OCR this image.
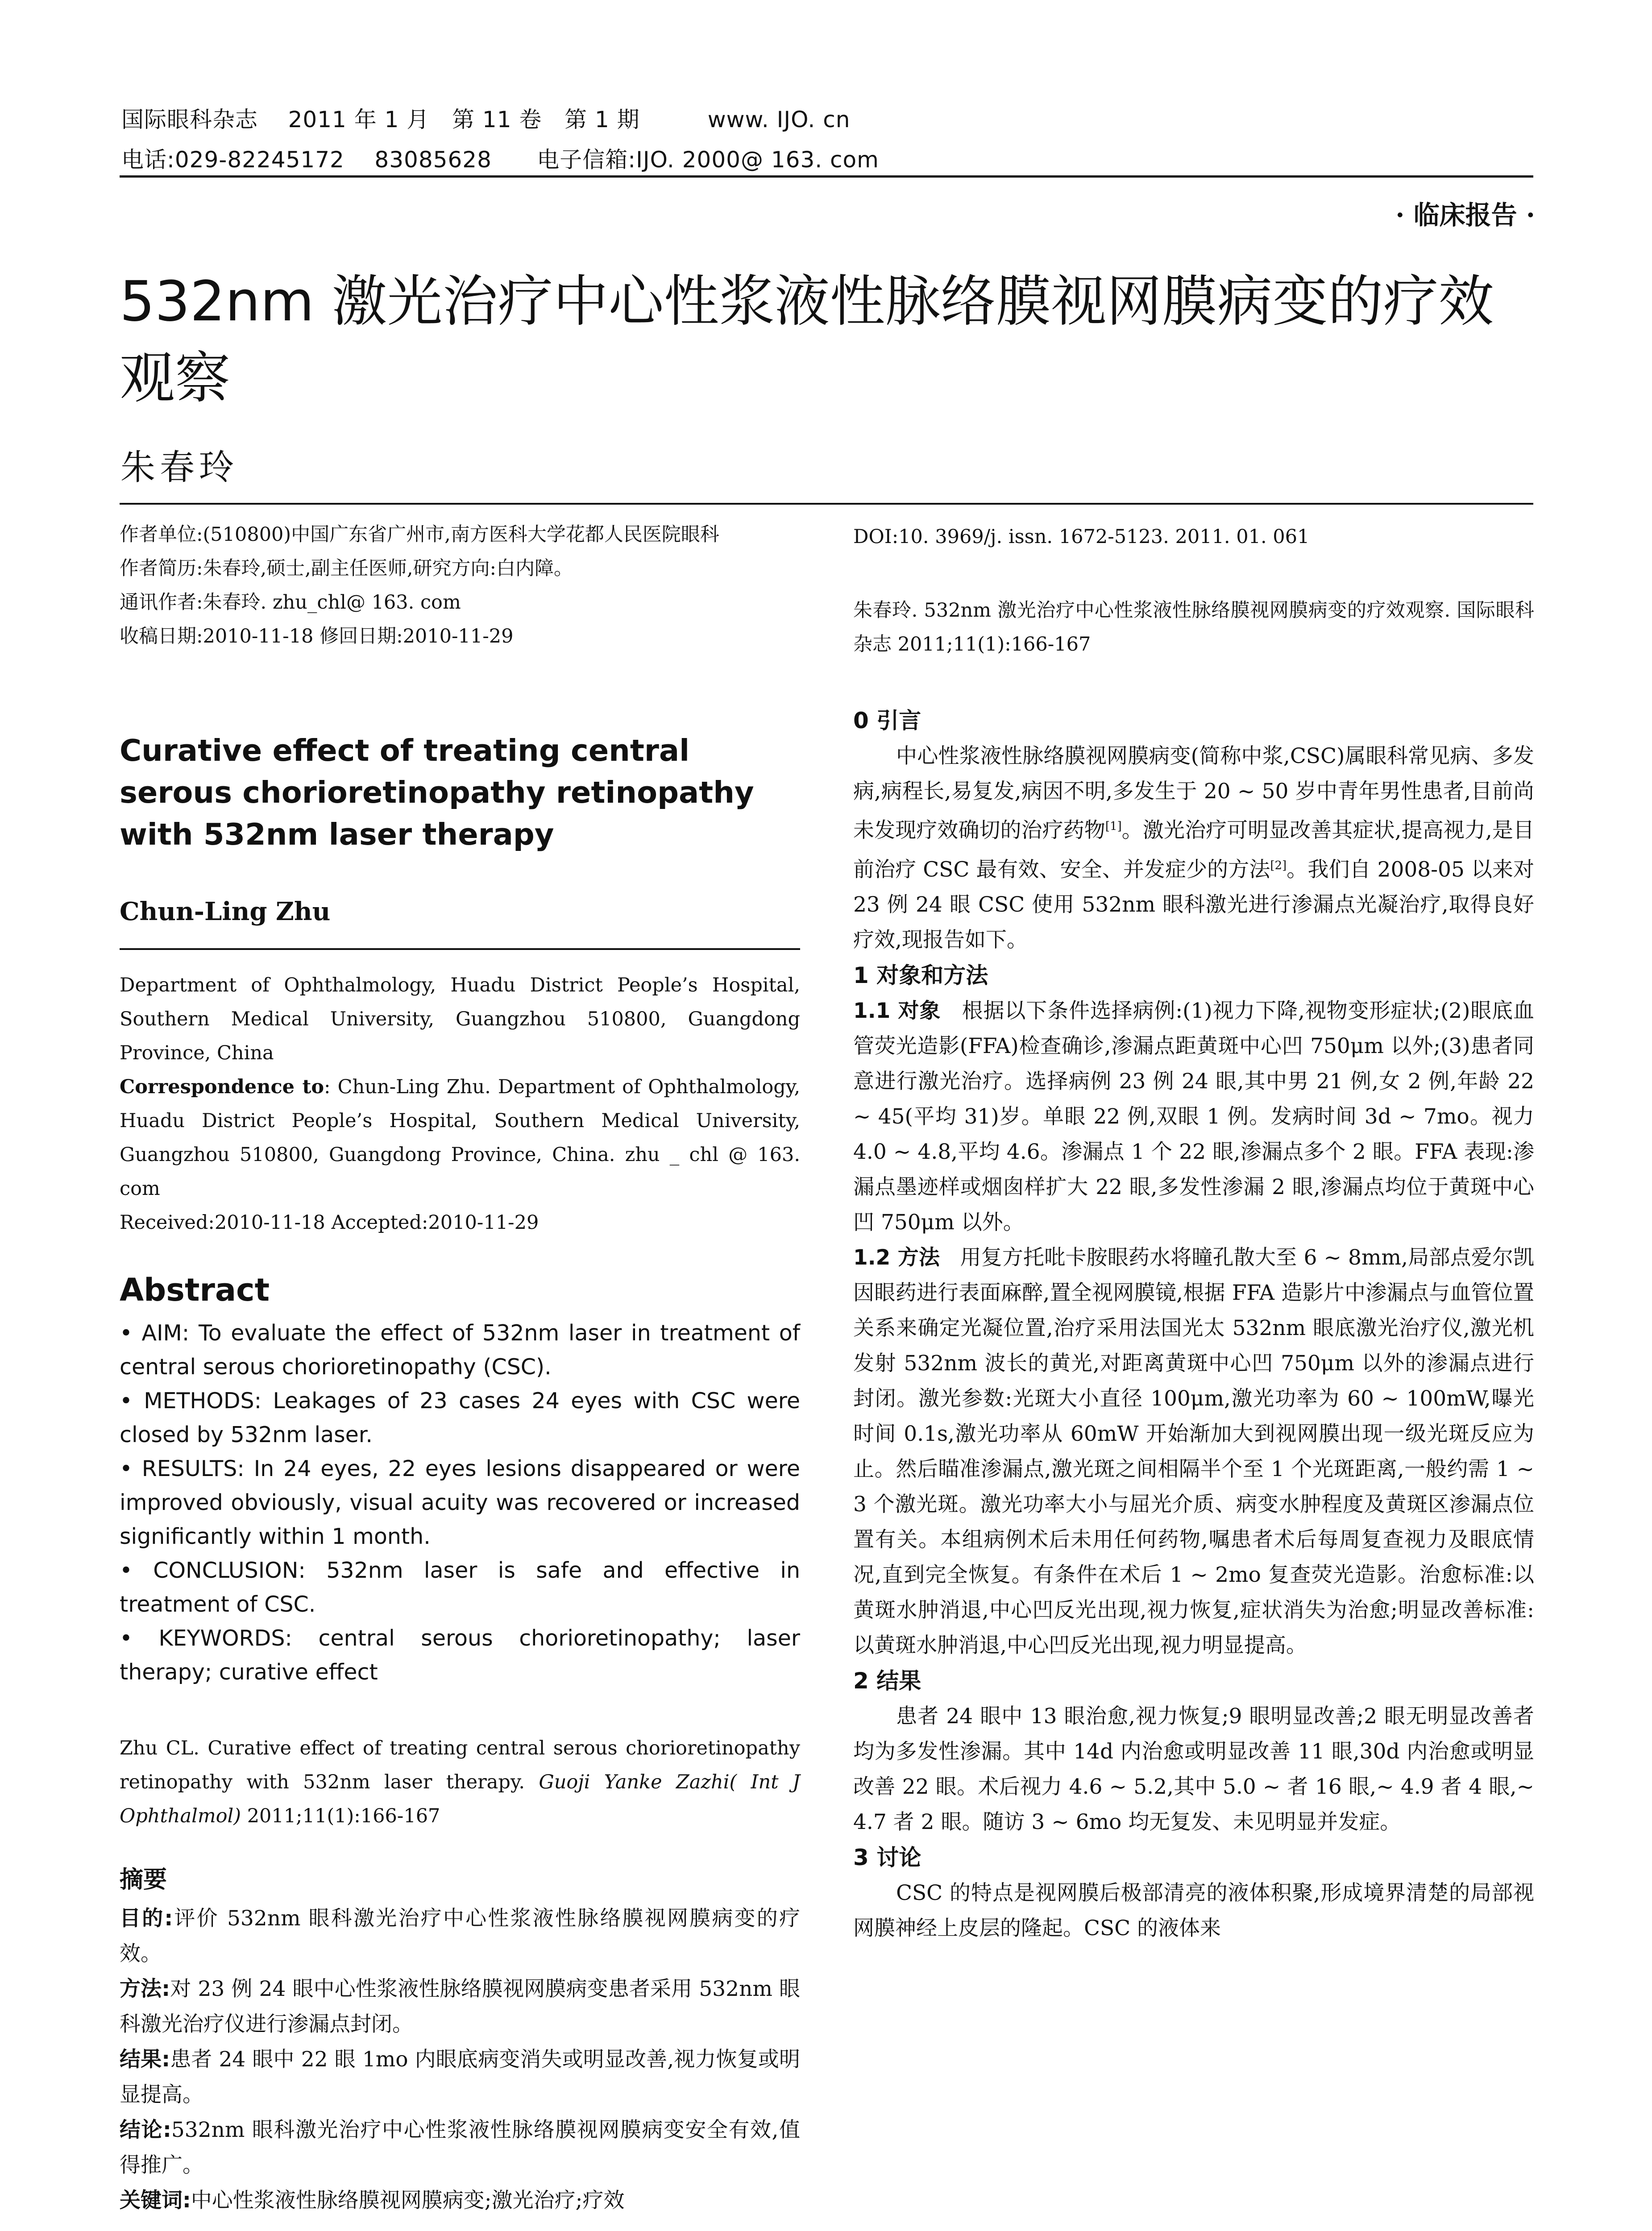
国际眼科杂志    2011 年 1 月   第 11 卷   第 1 期         www. IJO. cn
电话:029-82245172    83085628      电子信箱:IJO. 2000@ 163. com
· 临床报告 ·
532nm 激光治疗中心性浆液性脉络膜视网膜病变的疗效观察
朱春玲

作者单位:(510800)中国广东省广州市,南方医科大学花都人民医院眼科

作者简历:朱春玲,硕士,副主任医师,研究方向:白内障。

通讯作者:朱春玲. zhu_chl@ 163. com

收稿日期:2010-11-18 修回日期:2010-11-29

Curative effect of treating central serous chorioretinopathy retinopathy with 532nm laser therapy
Chun-Ling Zhu

Department of Ophthalmology, Huadu District People’s Hospital, Southern Medical University, Guangzhou 510800, Guangdong Province, China

Correspondence to: Chun-Ling Zhu. Department of Ophthalmology, Huadu District People’s Hospital, Southern Medical University, Guangzhou 510800, Guangdong Province, China. zhu _ chl @ 163. com

Received:2010-11-18 Accepted:2010-11-29

Abstract

• AIM: To evaluate the effect of 532nm laser in treatment of central serous chorioretinopathy (CSC).

• METHODS: Leakages of 23 cases 24 eyes with CSC were closed by 532nm laser.

• RESULTS: In 24 eyes, 22 eyes lesions disappeared or were improved obviously, visual acuity was recovered or increased significantly within 1 month.

• CONCLUSION: 532nm laser is safe and effective in treatment of CSC.

• KEYWORDS: central serous chorioretinopathy; laser therapy; curative effect

Zhu CL. Curative effect of treating central serous chorioretinopathy retinopathy with 532nm laser therapy. Guoji Yanke Zazhi( Int J Ophthalmol) 2011;11(1):166-167

摘要

目的:评价 532nm 眼科激光治疗中心性浆液性脉络膜视网膜病变的疗效。

方法:对 23 例 24 眼中心性浆液性脉络膜视网膜病变患者采用 532nm 眼科激光治疗仪进行渗漏点封闭。

结果:患者 24 眼中 22 眼 1mo 内眼底病变消失或明显改善,视力恢复或明显提高。

结论:532nm 眼科激光治疗中心性浆液性脉络膜视网膜病变安全有效,值得推广。

关键词:中心性浆液性脉络膜视网膜病变;激光治疗;疗效

DOI:10. 3969/j. issn. 1672-5123. 2011. 01. 061

朱春玲. 532nm 激光治疗中心性浆液性脉络膜视网膜病变的疗效观察. 国际眼科杂志 2011;11(1):166-167

0 引言

中心性浆液性脉络膜视网膜病变(简称中浆,CSC)属眼科常见病、多发病,病程长,易复发,病因不明,多发生于 20 ~ 50 岁中青年男性患者,目前尚未发现疗效确切的治疗药物[1]。激光治疗可明显改善其症状,提高视力,是目前治疗 CSC 最有效、安全、并发症少的方法[2]。我们自 2008-05 以来对 23 例 24 眼 CSC 使用 532nm 眼科激光进行渗漏点光凝治疗,取得良好疗效,现报告如下。

1 对象和方法

1.1 对象 根据以下条件选择病例:(1)视力下降,视物变形症状;(2)眼底血管荧光造影(FFA)检查确诊,渗漏点距黄斑中心凹 750μm 以外;(3)患者同意进行激光治疗。选择病例 23 例 24 眼,其中男 21 例,女 2 例,年龄 22 ~ 45(平均 31)岁。单眼 22 例,双眼 1 例。发病时间 3d ~ 7mo。视力 4.0 ~ 4.8,平均 4.6。渗漏点 1 个 22 眼,渗漏点多个 2 眼。FFA 表现:渗漏点墨迹样或烟囱样扩大 22 眼,多发性渗漏 2 眼,渗漏点均位于黄斑中心凹 750μm 以外。

1.2 方法 用复方托吡卡胺眼药水将瞳孔散大至 6 ~ 8mm,局部点爱尔凯因眼药进行表面麻醉,置全视网膜镜,根据 FFA 造影片中渗漏点与血管位置关系来确定光凝位置,治疗采用法国光太 532nm 眼底激光治疗仪,激光机发射 532nm 波长的黄光,对距离黄斑中心凹 750μm 以外的渗漏点进行封闭。激光参数:光斑大小直径 100μm,激光功率为 60 ~ 100mW,曝光时间 0.1s,激光功率从 60mW 开始渐加大到视网膜出现一级光斑反应为止。然后瞄准渗漏点,激光斑之间相隔半个至 1 个光斑距离,一般约需 1 ~ 3 个激光斑。激光功率大小与屈光介质、病变水肿程度及黄斑区渗漏点位置有关。本组病例术后未用任何药物,嘱患者术后每周复查视力及眼底情况,直到完全恢复。有条件在术后 1 ~ 2mo 复查荧光造影。治愈标准:以黄斑水肿消退,中心凹反光出现,视力恢复,症状消失为治愈;明显改善标准:以黄斑水肿消退,中心凹反光出现,视力明显提高。

2 结果

患者 24 眼中 13 眼治愈,视力恢复;9 眼明显改善;2 眼无明显改善者均为多发性渗漏。其中 14d 内治愈或明显改善 11 眼,30d 内治愈或明显改善 22 眼。术后视力 4.6 ~ 5.2,其中 5.0 ~ 者 16 眼,~ 4.9 者 4 眼,~ 4.7 者 2 眼。随访 3 ~ 6mo 均无复发、未见明显并发症。

3 讨论

CSC 的特点是视网膜后极部清亮的液体积聚,形成境界清楚的局部视网膜神经上皮层的隆起。CSC 的液体来
